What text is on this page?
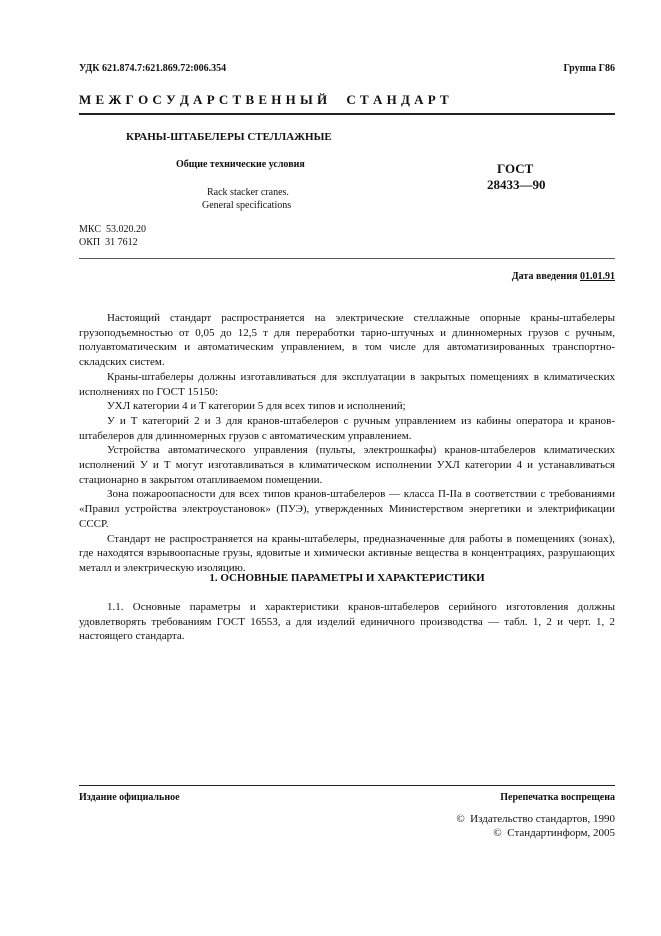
УДК 621.874.7:621.869.72:006.354	Группа Г86
М Е Ж Г О С У Д А Р С Т В Е Н Н Ы Й     С Т А Н Д А Р Т
КРАНЫ-ШТАБЕЛЕРЫ СТЕЛЛАЖНЫЕ
Общие технические условия
Rack stacker cranes.
General specifications
ГОСТ
28433—90
МКС  53.020.20
ОКП  31 7612
Дата введения 01.01.91

Настоящий стандарт распространяется на электрические стеллажные опорные краны-штабелеры грузоподъемностью от 0,05 до 12,5 т для переработки тарно-штучных и длинномерных грузов с ручным, полуавтоматическим и автоматическим управлением, в том числе для автоматизированных транспортно-складских систем.

Краны-штабелеры должны изготавливаться для эксплуатации в закрытых помещениях в климатических исполнениях по ГОСТ 15150:

УХЛ категории 4 и Т категории 5 для всех типов и исполнений;

У и Т категорий 2 и 3 для кранов-штабелеров с ручным управлением из кабины оператора и кранов-штабелеров для длинномерных грузов с автоматическим управлением.

Устройства автоматического управления (пульты, электрошкафы) кранов-штабелеров климатических исполнений У и Т могут изготавливаться в климатическом исполнении УХЛ категории 4 и устанавливаться стационарно в закрытом отапливаемом помещении.

Зона пожароопасности для всех типов кранов-штабелеров — класса П-IIа в соответствии с требованиями «Правил устройства электроустановок» (ПУЭ), утвержденных Министерством энергетики и электрификации СССР.

Стандарт не распространяется на краны-штабелеры, предназначенные для работы в помещениях (зонах), где находятся взрывоопасные грузы, ядовитые и химически активные вещества в концентрациях, разрушающих металл и электрическую изоляцию.

1. ОСНОВНЫЕ ПАРАМЕТРЫ И ХАРАКТЕРИСТИКИ

1.1. Основные параметры и характеристики кранов-штабелеров серийного изготовления должны удовлетворять требованиям ГОСТ 16553, а для изделий единичного производства — табл. 1, 2 и черт. 1, 2 настоящего стандарта.

Издание официальное	Перепечатка воспрещена
©  Издательство стандартов, 1990
©  Стандартинформ, 2005
